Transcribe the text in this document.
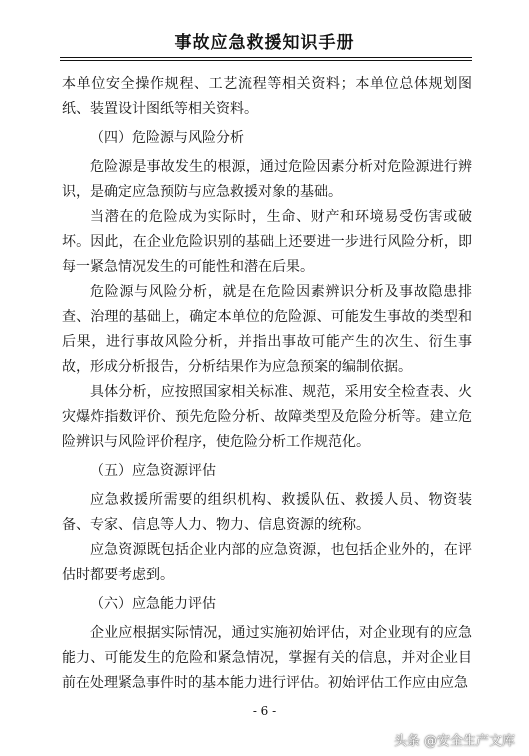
事故应急救援知识手册

本单位安全操作规程、工艺流程等相关资料；本单位总体规划图纸、装置设计图纸等相关资料。

（四）危险源与风险分析

危险源是事故发生的根源，通过危险因素分析对危险源进行辨识，是确定应急预防与应急救援对象的基础。

当潜在的危险成为实际时，生命、财产和环境易受伤害或破坏。因此，在企业危险识别的基础上还要进一步进行风险分析，即每一紧急情况发生的可能性和潜在后果。

危险源与风险分析，就是在危险因素辨识分析及事故隐患排查、治理的基础上，确定本单位的危险源、可能发生事故的类型和后果，进行事故风险分析，并指出事故可能产生的次生、衍生事故，形成分析报告，分析结果作为应急预案的编制依据。

具体分析，应按照国家相关标准、规范，采用安全检查表、火灾爆炸指数评价、预先危险分析、故障类型及危险分析等。建立危险辨识与风险评价程序，使危险分析工作规范化。

（五）应急资源评估

应急救援所需要的组织机构、救援队伍、救援人员、物资装备、专家、信息等人力、物力、信息资源的统称。

应急资源既包括企业内部的应急资源，也包括企业外的，在评估时都要考虑到。

（六）应急能力评估

企业应根据实际情况，通过实施初始评估，对企业现有的应急能力、可能发生的危险和紧急情况，掌握有关的信息，并对企业目前在处理紧急事件时的基本能力进行评估。初始评估工作应由应急

- 6 -
头条 @安全生产文库
